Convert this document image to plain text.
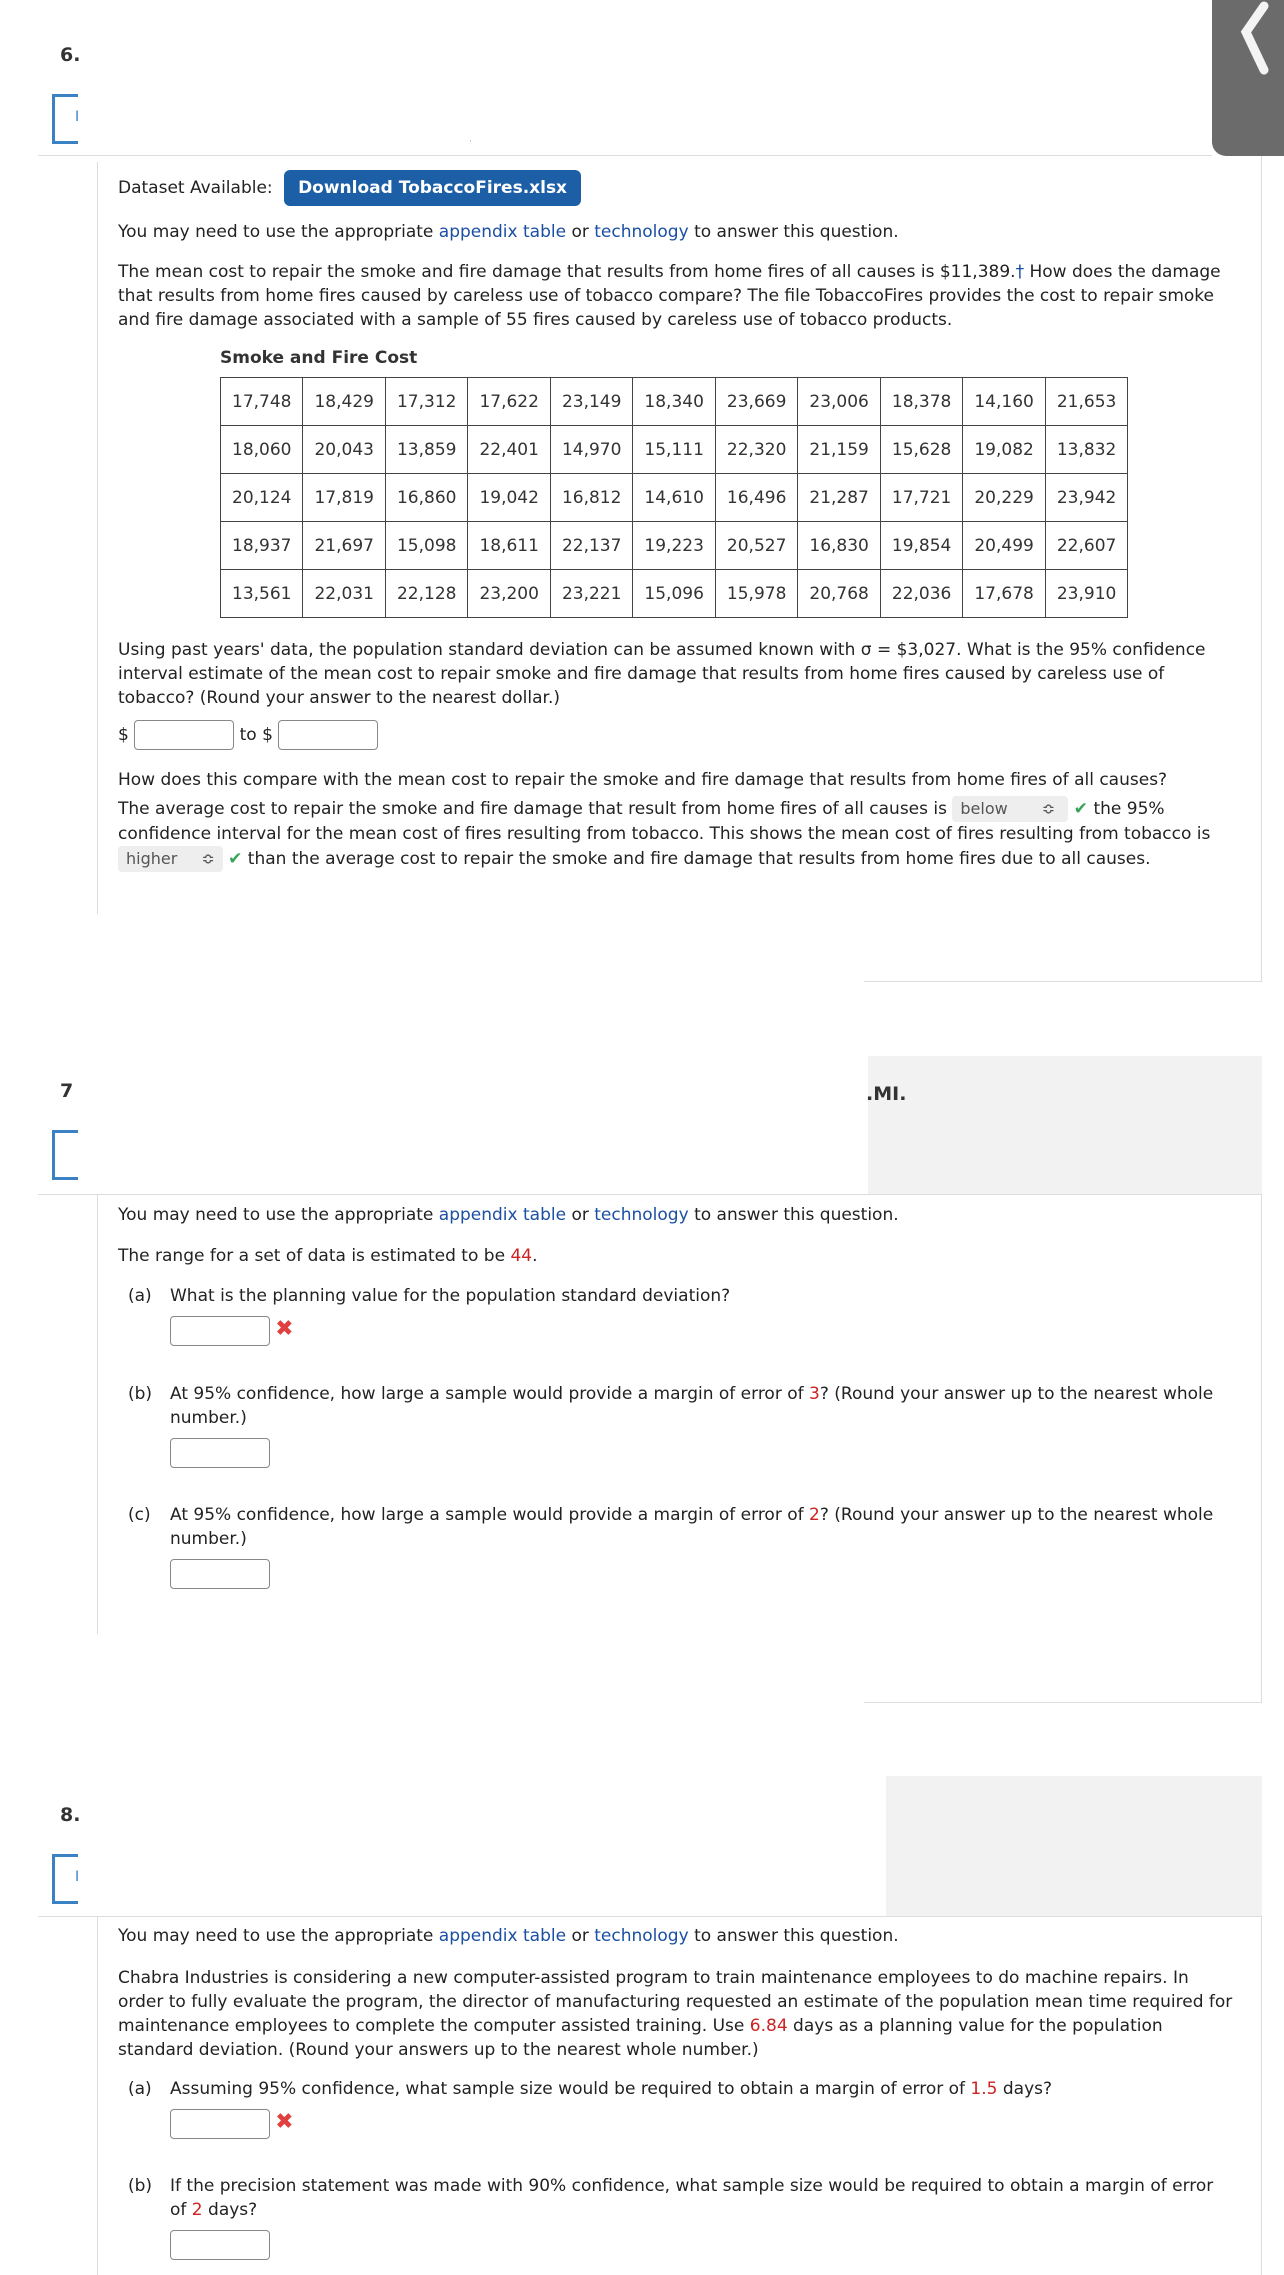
6.
I
Dataset Available: Download TobaccoFires.xlsx
You may need to use the appropriate appendix table or technology to answer this question.
The mean cost to repair the smoke and fire damage that results from home fires of all causes is $11,389.† How does the damage
that results from home fires caused by careless use of tobacco compare? The file TobaccoFires provides the cost to repair smoke
and fire damage associated with a sample of 55 fires caused by careless use of tobacco products.
Smoke and Fire Cost
17,748	18,429	17,312	17,622	23,149	18,340	23,669	23,006	18,378	14,160	21,653
18,060	20,043	13,859	22,401	14,970	15,111	22,320	21,159	15,628	19,082	13,832
20,124	17,819	16,860	19,042	16,812	14,610	16,496	21,287	17,721	20,229	23,942
18,937	21,697	15,098	18,611	22,137	19,223	20,527	16,830	19,854	20,499	22,607
13,561	22,031	22,128	23,200	23,221	15,096	15,978	20,768	22,036	17,678	23,910
Using past years' data, the population standard deviation can be assumed known with σ = $3,027. What is the 95% confidence
interval estimate of the mean cost to repair smoke and fire damage that results from home fires caused by careless use of
tobacco? (Round your answer to the nearest dollar.)
$	to $
How does this compare with the mean cost to repair the smoke and fire damage that results from home fires of all causes?
The average cost to repair the smoke and fire damage that result from home fires of all causes is below ≎ ✔ the 95%
confidence interval for the mean cost of fires resulting from tobacco. This shows the mean cost of fires resulting from tobacco is
higher ≎ ✔ than the average cost to repair the smoke and fire damage that results from home fires due to all causes.
.MI.
7
You may need to use the appropriate appendix table or technology to answer this question.
The range for a set of data is estimated to be 44.
(a) What is the planning value for the population standard deviation?
✖
(b) At 95% confidence, how large a sample would provide a margin of error of 3? (Round your answer up to the nearest whole
number.)
(c) At 95% confidence, how large a sample would provide a margin of error of 2? (Round your answer up to the nearest whole
number.)
8.
I
You may need to use the appropriate appendix table or technology to answer this question.
Chabra Industries is considering a new computer-assisted program to train maintenance employees to do machine repairs. In
order to fully evaluate the program, the director of manufacturing requested an estimate of the population mean time required for
maintenance employees to complete the computer assisted training. Use 6.84 days as a planning value for the population
standard deviation. (Round your answers up to the nearest whole number.)
(a) Assuming 95% confidence, what sample size would be required to obtain a margin of error of 1.5 days?
✖
(b) If the precision statement was made with 90% confidence, what sample size would be required to obtain a margin of error
of 2 days?
